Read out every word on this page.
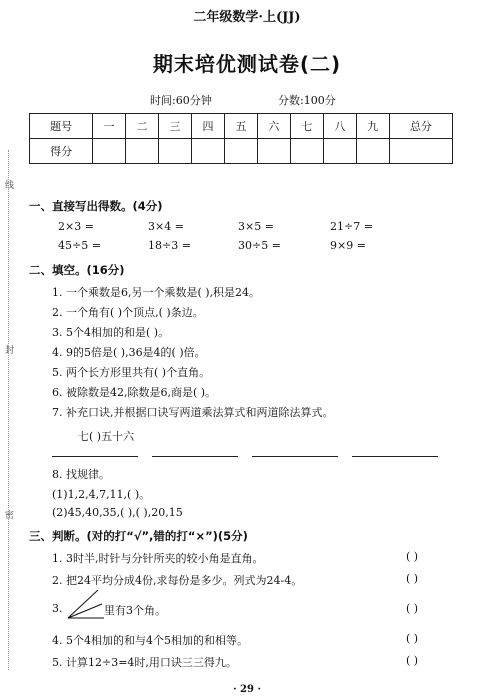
线
封
密
二年级数学·上(JJ)
期末培优测试卷(二)
时间:60分钟	分数:100分
题号	一	二	三	四	五	六	七	八	九	总分
得分										
一、直接写出得数。(4分)
2×3 =	3×4 =	3×5 =	21÷7 =
45÷5 =	18÷3 =	30÷5 =	9×9 =
二、填空。(16分)
1. 一个乘数是6,另一个乘数是( ),积是24。
2. 一个角有( )个顶点,( )条边。
3. 5个4相加的和是( )。
4. 9的5倍是( ),36是4的( )倍。
5. 两个长方形里共有( )个直角。
6. 被除数是42,除数是6,商是( )。
7. 补充口诀,并根据口诀写两道乘法算式和两道除法算式。
七( )五十六
8. 找规律。
(1)1,2,4,7,11,( )。
(2)45,40,35,( ),( ),20,15
三、判断。(对的打“√”,错的打“×”)(5分)
1. 3时半,时针与分针所夹的较小角是直角。	( )
2. 把24平均分成4份,求每份是多少。列式为24-4。	( )
3.	里有3个角。	( )
4. 5个4相加的和与4个5相加的和相等。	( )
5. 计算12÷3=4时,用口诀三三得九。	( )
· 29 ·
